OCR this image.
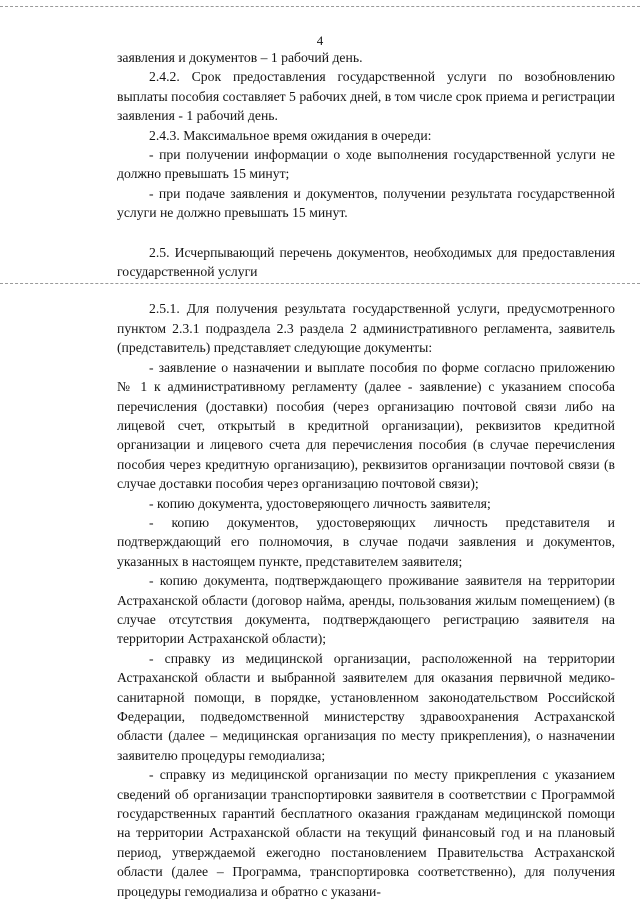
4

заявления и документов – 1 рабочий день.

2.4.2. Срок предоставления государственной услуги по возобновлению выплаты пособия составляет 5 рабочих дней, в том числе срок приема и регистрации заявления - 1 рабочий день.

2.4.3. Максимальное время ожидания в очереди:

- при получении информации о ходе выполнения государственной услуги не должно превышать 15 минут;

- при подаче заявления и документов, получении результата государственной услуги не должно превышать 15 минут.

2.5. Исчерпывающий перечень документов, необходимых для предоставления государственной услуги

2.5.1. Для получения результата государственной услуги, предусмотренного пунктом 2.3.1 подраздела 2.3 раздела 2 административного регламента, заявитель (представитель) представляет следующие документы:

- заявление о назначении и выплате пособия по форме согласно приложению № 1 к административному регламенту (далее - заявление) с указанием способа перечисления (доставки) пособия (через организацию почтовой связи либо на лицевой счет, открытый в кредитной организации), реквизитов кредитной организации и лицевого счета для перечисления пособия (в случае перечисления пособия через кредитную организацию), реквизитов организации почтовой связи (в случае доставки пособия через организацию почтовой связи);

- копию документа, удостоверяющего личность заявителя;

- копию документов, удостоверяющих личность представителя и подтверждающий его полномочия, в случае подачи заявления и документов, указанных в настоящем пункте, представителем заявителя;

- копию документа, подтверждающего проживание заявителя на территории Астраханской области (договор найма, аренды, пользования жилым помещением) (в случае отсутствия документа, подтверждающего регистрацию заявителя на территории Астраханской области);

- справку из медицинской организации, расположенной на территории Астраханской области и выбранной заявителем для оказания первичной медико-санитарной помощи, в порядке, установленном законодательством Российской Федерации, подведомственной министерству здравоохранения Астраханской области (далее – медицинская организация по месту прикрепления), о назначении заявителю процедуры гемодиализа;

- справку из медицинской организации по месту прикрепления с указанием сведений об организации транспортировки заявителя в соответствии с Программой государственных гарантий бесплатного оказания гражданам медицинской помощи на территории Астраханской области на текущий финансовый год и на плановый период, утверждаемой ежегодно постановлением Правительства Астраханской области (далее – Программа, транспортировка соответственно), для получения процедуры гемодиализа и обратно с указани-
